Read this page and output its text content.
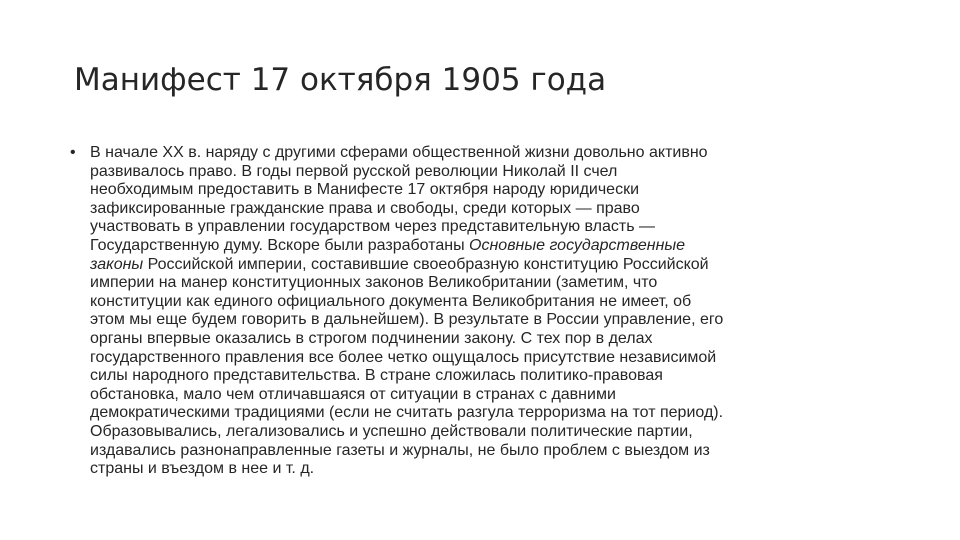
Манифест 17 октября 1905 года
• В начале XX в. наряду с другими сферами общественной жизни довольно активно
развивалось право. В годы первой русской революции Николай II счел
необходимым предоставить в Манифесте 17 октября народу юридически
зафиксированные гражданские права и свободы, среди которых — право
участвовать в управлении государством через представительную власть —
Государственную думу. Вскоре были разработаны Основные государственные
законы Российской империи, составившие своеобразную конституцию Российской
империи на манер конституционных законов Великобритании (заметим, что
конституции как единого официального документа Великобритания не имеет, об
этом мы еще будем говорить в дальнейшем). В результате в России управление, его
органы впервые оказались в строгом подчинении закону. С тех пор в делах
государственного правления все более четко ощущалось присутствие независимой
силы народного представительства. В стране сложилась политико-правовая
обстановка, мало чем отличавшаяся от ситуации в странах с давними
демократическими традициями (если не считать разгула терроризма на тот период).
Образовывались, легализовались и успешно действовали политические партии,
издавались разнонаправленные газеты и журналы, не было проблем с выездом из
страны и въездом в нее и т. д.
